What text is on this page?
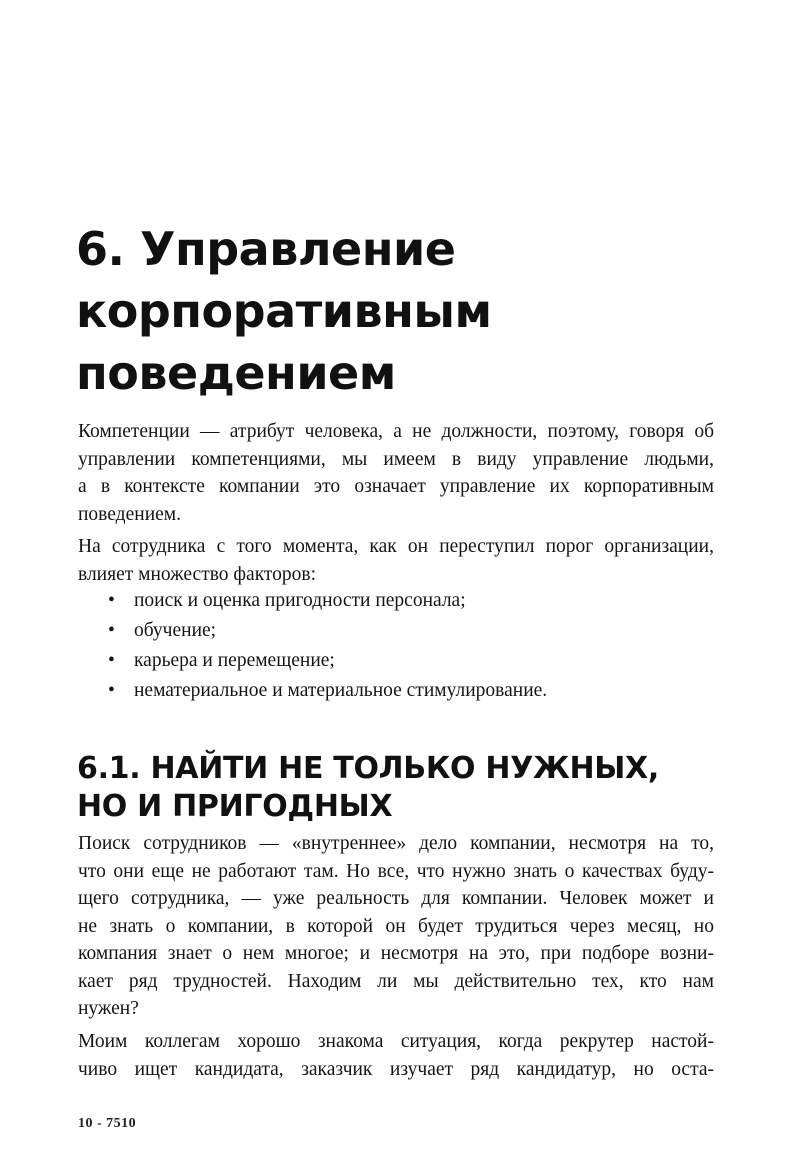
6. Управление
корпоративным
поведением

Компетенции — атрибут человека, а не должности, поэтому, говоря об
управлении компетенциями, мы имеем в виду управление людьми,
а в контексте компании это означает управление их корпоративным
поведением.

На сотрудника с того момента, как он переступил порог организации,
влияет множество факторов:

• поиск и оценка пригодности персонала;
• обучение;
• карьера и перемещение;
• нематериальное и материальное стимулирование.
6.1. НАЙТИ НЕ ТОЛЬКО НУЖНЫХ,
НО И ПРИГОДНЫХ

Поиск сотрудников — «внутреннее» дело компании, несмотря на то,
что они еще не работают там. Но все, что нужно знать о качествах буду-
щего сотрудника, — уже реальность для компании. Человек может и
не знать о компании, в которой он будет трудиться через месяц, но
компания знает о нем многое; и несмотря на это, при подборе возни-
кает ряд трудностей. Находим ли мы действительно тех, кто нам
нужен?

Моим коллегам хорошо знакома ситуация, когда рекрутер настой-
чиво ищет кандидата, заказчик изучает ряд кандидатур, но оста-

10 - 7510
